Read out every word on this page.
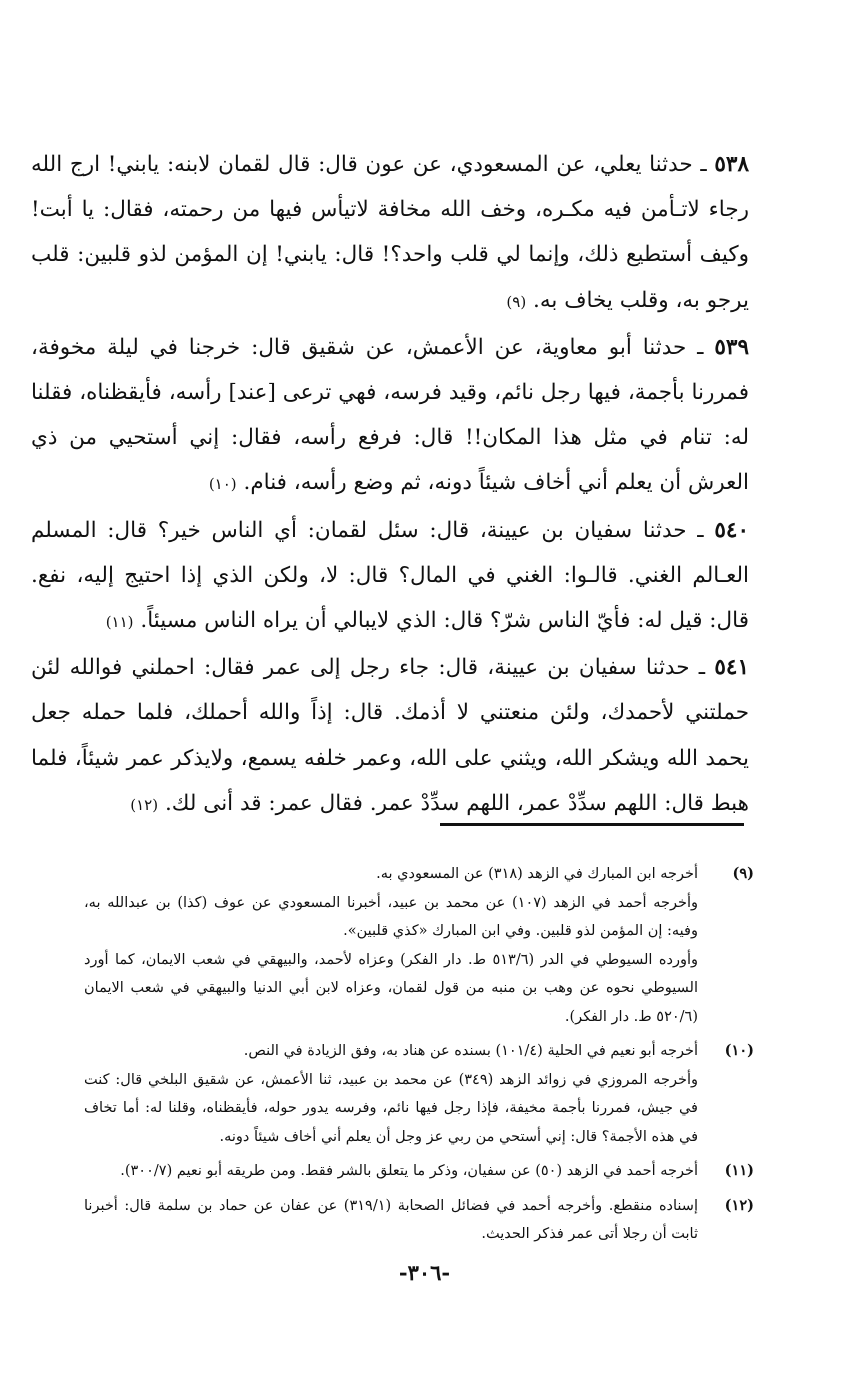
٥٣٨ ـ حدثنا يعلي، عن المسعودي، عن عون قال: قال لقمان لابنه: يابني! ارج الله رجاء لاتـأمن فيه مكـره، وخف الله مخافة لاتيأس فيها من رحمته، فقال: يا أبت! وكيف أستطيع ذلك، وإنما لي قلب واحد؟! قال: يابني! إن المؤمن لذو قلبين: قلب يرجو به، وقلب يخاف به. (٩)

٥٣٩ ـ حدثنا أبو معاوية، عن الأعمش، عن شقيق قال: خرجنا في ليلة مخوفة، فمررنا بأجمة، فيها رجل نائم، وقيد فرسه، فهي ترعى [عند] رأسه، فأيقظناه، فقلنا له: تنام في مثل هذا المكان!! قال: فرفع رأسه، فقال: إني أستحيي من ذي العرش أن يعلم أني أخاف شيئاً دونه، ثم وضع رأسه، فنام. (١٠)

٥٤٠ ـ حدثنا سفيان بن عيينة، قال: سئل لقمان: أي الناس خير؟ قال: المسلم العـالم الغني. قالـوا: الغني في المال؟ قال: لا، ولكن الذي إذا احتيج إليه، نفع. قال: قيل له: فأيّ الناس شرّ؟ قال: الذي لايبالي أن يراه الناس مسيئاً. (١١)

٥٤١ ـ حدثنا سفيان بن عيينة، قال: جاء رجل إلى عمر فقال: احملني فوالله لئن حملتني لأحمدك، ولئن منعتني لا أذمك. قال: إذاً والله أحملك، فلما حمله جعل يحمد الله ويشكر الله، ويثني على الله، وعمر خلفه يسمع، ولايذكر عمر شيئاً، فلما هبط قال: اللهم سدِّدْ عمر، اللهم سدِّدْ عمر. فقال عمر: قد أنى لك. (١٢)

(٩)
أخرجه ابن المبارك في الزهد (٣١٨) عن المسعودي به.
وأخرجه أحمد في الزهد (١٠٧) عن محمد بن عبيد، أخبرنا المسعودي عن عوف (كذا) بن عبدالله به، وفيه: إن المؤمن لذو قلبين. وفي ابن المبارك «كذي قلبين».
وأورده السيوطي في الدر (٥١٣/٦ ط. دار الفكر) وعزاه لأحمد، والبيهقي في شعب الايمان، كما أورد السيوطي نحوه عن وهب بن منبه من قول لقمان، وعزاه لابن أبي الدنيا والبيهقي في شعب الايمان (٥٢٠/٦ ط. دار الفكر).
(١٠)
أخرجه أبو نعيم في الحلية (١٠١/٤) بسنده عن هناد به، وفق الزيادة في النص.
وأخرجه المروزي في زوائد الزهد (٣٤٩) عن محمد بن عبيد، ثنا الأعمش، عن شقيق البلخي قال: كنت في جيش، فمررنا بأجمة مخيفة، فإذا رجل فيها نائم، وفرسه يدور حوله، فأيقظناه، وقلنا له: أما تخاف في هذه الأجمة؟ قال: إني أستحي من ربي عز وجل أن يعلم أني أخاف شيئاً دونه.
(١١)
أخرجه أحمد في الزهد (٥٠) عن سفيان، وذكر ما يتعلق بالشر فقط. ومن طريقه أبو نعيم (٣٠٠/٧).
(١٢)
إسناده منقطع. وأخرجه أحمد في فضائل الصحابة (٣١٩/١) عن عفان عن حماد بن سلمة قال: أخبرنا ثابت أن رجلا أتى عمر فذكر الحديث.
-٣٠٦-
